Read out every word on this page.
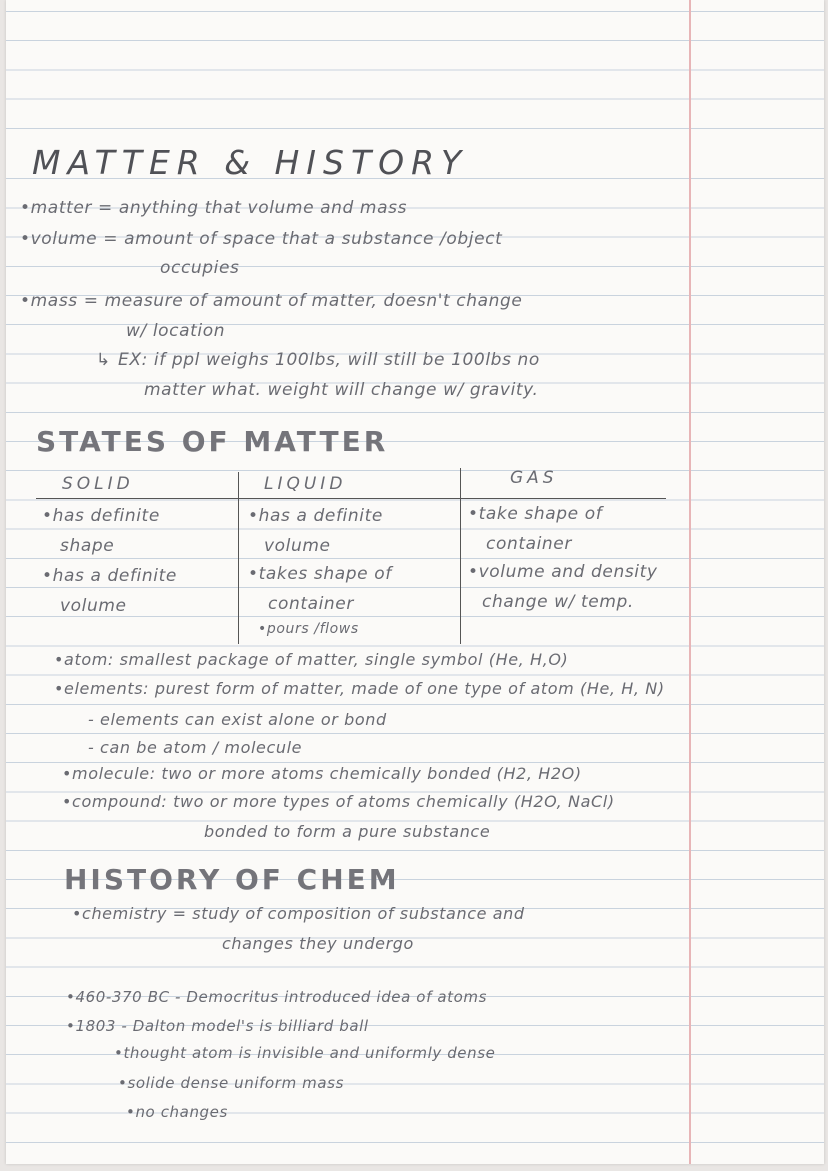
MATTER & HISTORY
• matter = anything that volume and mass
• volume = amount of space that a substance /object
occupies
• mass = measure of amount of matter, doesn't change
w/ location
↳ EX: if ppl weighs 100lbs, will still be 100lbs no
matter what. weight will change w/ gravity.
STATES OF MATTER
SOLID	LIQUID	GAS
• has definite
shape
• has a definite
volume
• has a definite
volume
• takes shape of
container
• pours /flows
• take shape of
container
• volume and density
change w/ temp.
• atom: smallest package of matter, single symbol (He, H,O)
• elements: purest form of matter, made of one type of atom (He, H, N)
- elements can exist alone or bond
- can be atom / molecule
• molecule: two or more atoms chemically bonded (H2, H2O)
• compound: two or more types of atoms chemically (H2O, NaCl)
bonded to form a pure substance
HISTORY OF CHEM
• chemistry = study of composition of substance and
changes they undergo
• 460-370 BC - Democritus introduced idea of atoms
• 1803 - Dalton model's is billiard ball
• thought atom is invisible and uniformly dense
• solide dense uniform mass
• no changes
